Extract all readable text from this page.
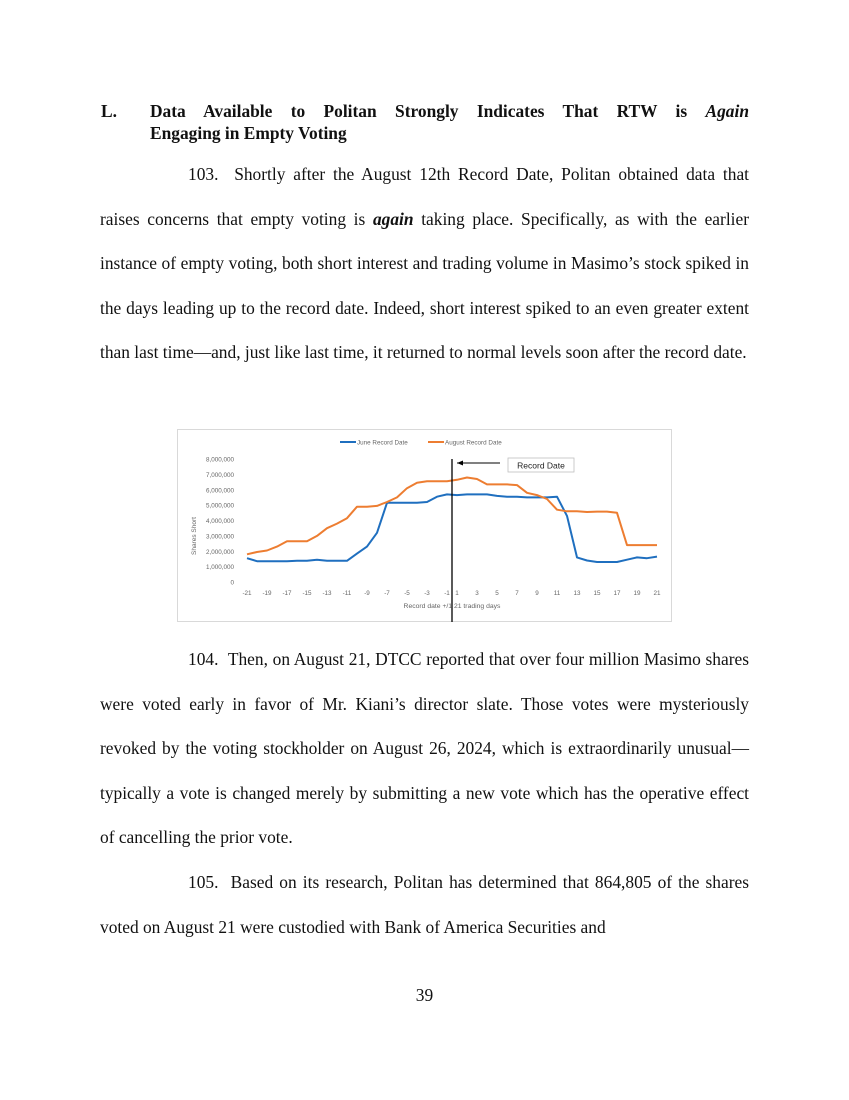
L. Data Available to Politan Strongly Indicates That RTW is Again
Engaging in Empty Voting

103. Shortly after the August 12th Record Date, Politan obtained data that raises concerns that empty voting is again taking place. Specifically, as with the earlier instance of empty voting, both short interest and trading volume in Masimo’s stock spiked in the days leading up to the record date. Indeed, short interest spiked to an even greater extent than last time—and, just like last time, it returned to normal levels soon after the record date.

June Record Date	August Record Date
0
1,000,000
2,000,000
3,000,000
4,000,000
5,000,000
6,000,000
7,000,000
8,000,000
-21 -19 -17 -15 -13 -11 -9 -7 -5 -3 -1 1	3	5	7	9 11 13 15 17 19 21
Record Date
Shares Short
Record date +/1 21 trading days

104. Then, on August 21, DTCC reported that over four million Masimo shares were voted early in favor of Mr. Kiani’s director slate. Those votes were mysteriously revoked by the voting stockholder on August 26, 2024, which is extraordinarily unusual—typically a vote is changed merely by submitting a new vote which has the operative effect of cancelling the prior vote.

105. Based on its research, Politan has determined that 864,805 of the shares voted on August 21 were custodied with Bank of America Securities and

39
